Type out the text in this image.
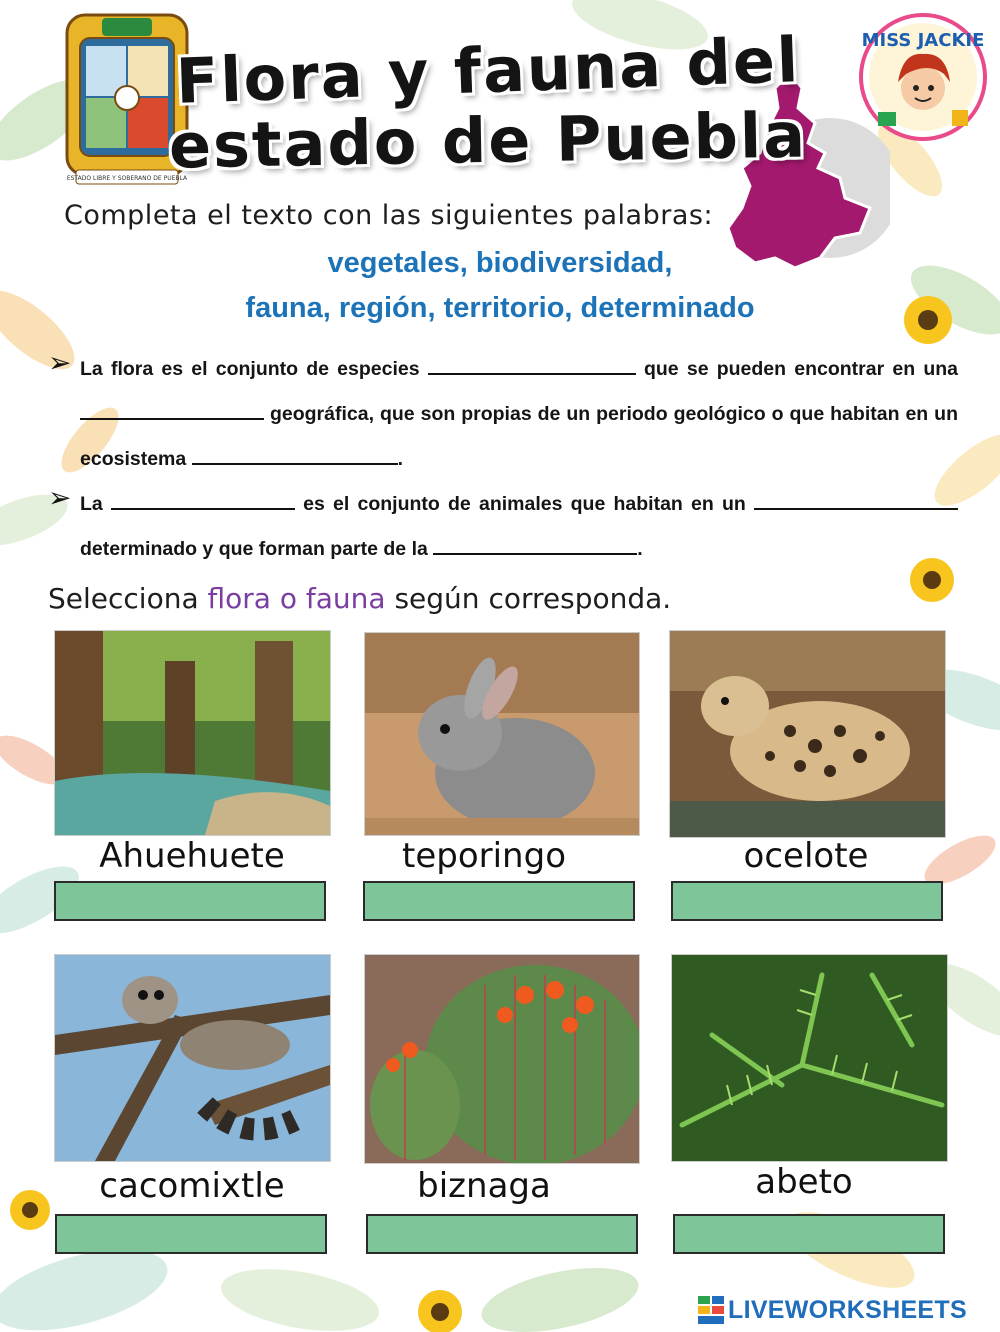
ESTADO LIBRE Y SOBERANO DE PUEBLA
MISS JACKIE
Flora y fauna del
estado de Puebla
Completa el texto con las siguientes palabras:
vegetales, biodiversidad,
fauna, región, territorio, determinado
➢ La flora es el conjunto de especies	que se pueden encontrar en una  geográfica, que son propias de un periodo geológico o que habitan en un ecosistema	.
➢ La	es el conjunto de animales que habitan en un  determinado y que forman parte de la	.
Selecciona flora o fauna según corresponda.
Ahuehuete	teporingo	ocelote
cacomixtle	biznaga	abeto
LIVEWORKSHEETS
